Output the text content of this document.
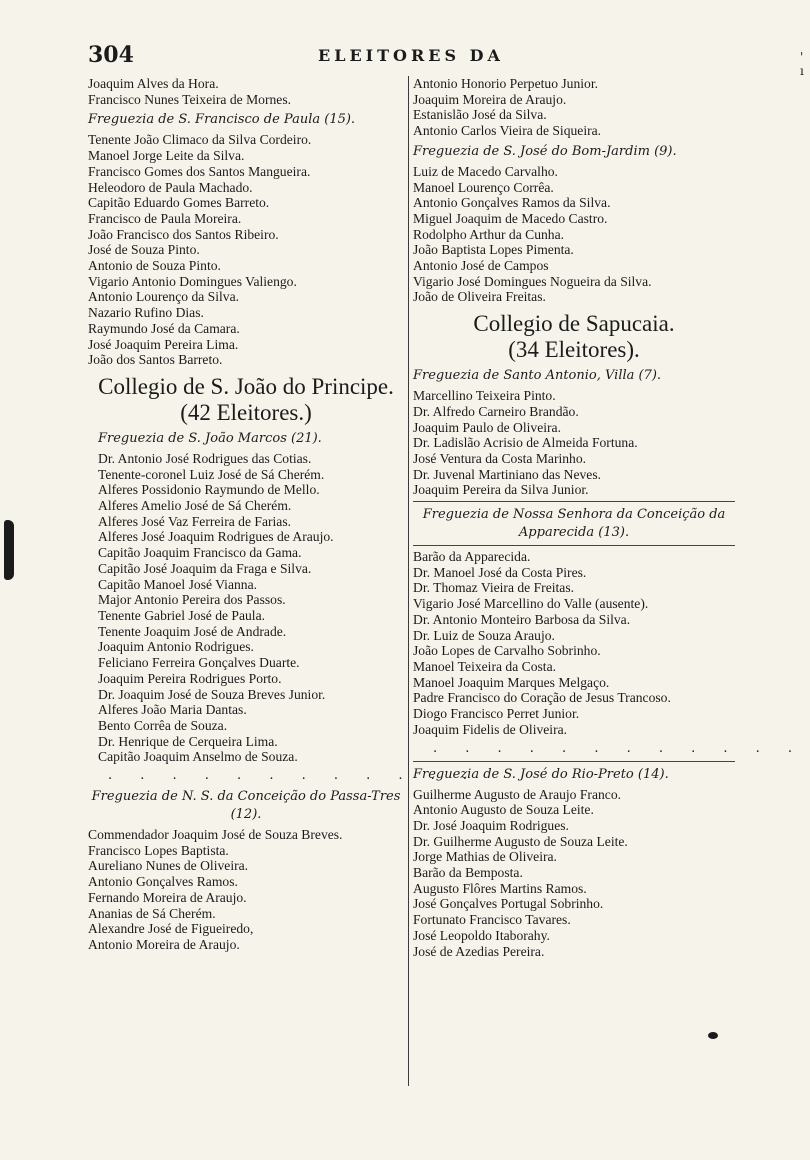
304	ELEITORES DA	' ı
Joaquim Alves da Hora.
Francisco Nunes Teixeira de Mornes.
Freguezia de S. Francisco de Paula (15).
Tenente João Climaco da Silva Cordeiro.
Manoel Jorge Leite da Silva.
Francisco Gomes dos Santos Mangueira.
Heleodoro de Paula Machado.
Capitão Eduardo Gomes Barreto.
Francisco de Paula Moreira.
João Francisco dos Santos Ribeiro.
José de Souza Pinto.
Antonio de Souza Pinto.
Vigario Antonio Domingues Valiengo.
Antonio Lourenço da Silva.
Nazario Rufino Dias.
Raymundo José da Camara.
José Joaquim Pereira Lima.
João dos Santos Barreto.
Collegio de S. João do Principe.
(42 Eleitores.)
Freguezia de S. João Marcos (21).
Dr. Antonio José Rodrigues das Cotias.
Tenente-coronel Luiz José de Sá Cherém.
Alferes Possidonio Raymundo de Mello.
Alferes Amelio José de Sá Cherém.
Alferes José Vaz Ferreira de Farias.
Alferes José Joaquim Rodrigues de Araujo.
Capitão Joaquim Francisco da Gama.
Capitão José Joaquim da Fraga e Silva.
Capitão Manoel José Vianna.
Major Antonio Pereira dos Passos.
Tenente Gabriel José de Paula.
Tenente Joaquim José de Andrade.
Joaquim Antonio Rodrigues.
Feliciano Ferreira Gonçalves Duarte.
Joaquim Pereira Rodrigues Porto.
Dr. Joaquim José de Souza Breves Junior.
Alferes João Maria Dantas.
Bento Corrêa de Souza.
Dr. Henrique de Cerqueira Lima.
Capitão Joaquim Anselmo de Souza.
. . . . . . . . . . . .
Freguezia de N. S. da Conceição do Passa-Tres (12).
Commendador Joaquim José de Souza Breves.
Francisco Lopes Baptista.
Aureliano Nunes de Oliveira.
Antonio Gonçalves Ramos.
Fernando Moreira de Araujo.
Ananias de Sá Cherém.
Alexandre José de Figueiredo,
Antonio Moreira de Araujo.
Antonio Honorio Perpetuo Junior.
Joaquim Moreira de Araujo.
Estanislão José da Silva.
Antonio Carlos Vieira de Siqueira.
Freguezia de S. José do Bom-Jardim (9).
Luiz de Macedo Carvalho.
Manoel Lourenço Corrêa.
Antonio Gonçalves Ramos da Silva.
Miguel Joaquim de Macedo Castro.
Rodolpho Arthur da Cunha.
João Baptista Lopes Pimenta.
Antonio José de Campos
Vigario José Domingues Nogueira da Silva.
João de Oliveira Freitas.
Collegio de Sapucaia.
(34 Eleitores).
Freguezia de Santo Antonio, Villa (7).
Marcellino Teixeira Pinto.
Dr. Alfredo Carneiro Brandão.
Joaquim Paulo de Oliveira.
Dr. Ladislão Acrisio de Almeida Fortuna.
José Ventura da Costa Marinho.
Dr. Juvenal Martiniano das Neves.
Joaquim Pereira da Silva Junior.
Freguezia de Nossa Senhora da Conceição da Apparecida (13).
Barão da Apparecida.
Dr. Manoel José da Costa Pires.
Dr. Thomaz Vieira de Freitas.
Vigario José Marcellino do Valle (ausente).
Dr. Antonio Monteiro Barbosa da Silva.
Dr. Luiz de Souza Araujo.
João Lopes de Carvalho Sobrinho.
Manoel Teixeira da Costa.
Manoel Joaquim Marques Melgaço.
Padre Francisco do Coração de Jesus Trancoso.
Diogo Francisco Perret Junior.
Joaquim Fidelis de Oliveira.
. . . . . . . . . . . .
Freguezia de S. José do Rio-Preto (14).
Guilherme Augusto de Araujo Franco.
Antonio Augusto de Souza Leite.
Dr. José Joaquim Rodrigues.
Dr. Guilherme Augusto de Souza Leite.
Jorge Mathias de Oliveira.
Barão da Bemposta.
Augusto Flôres Martins Ramos.
José Gonçalves Portugal Sobrinho.
Fortunato Francisco Tavares.
José Leopoldo Itaborahy.
José de Azedias Pereira.
